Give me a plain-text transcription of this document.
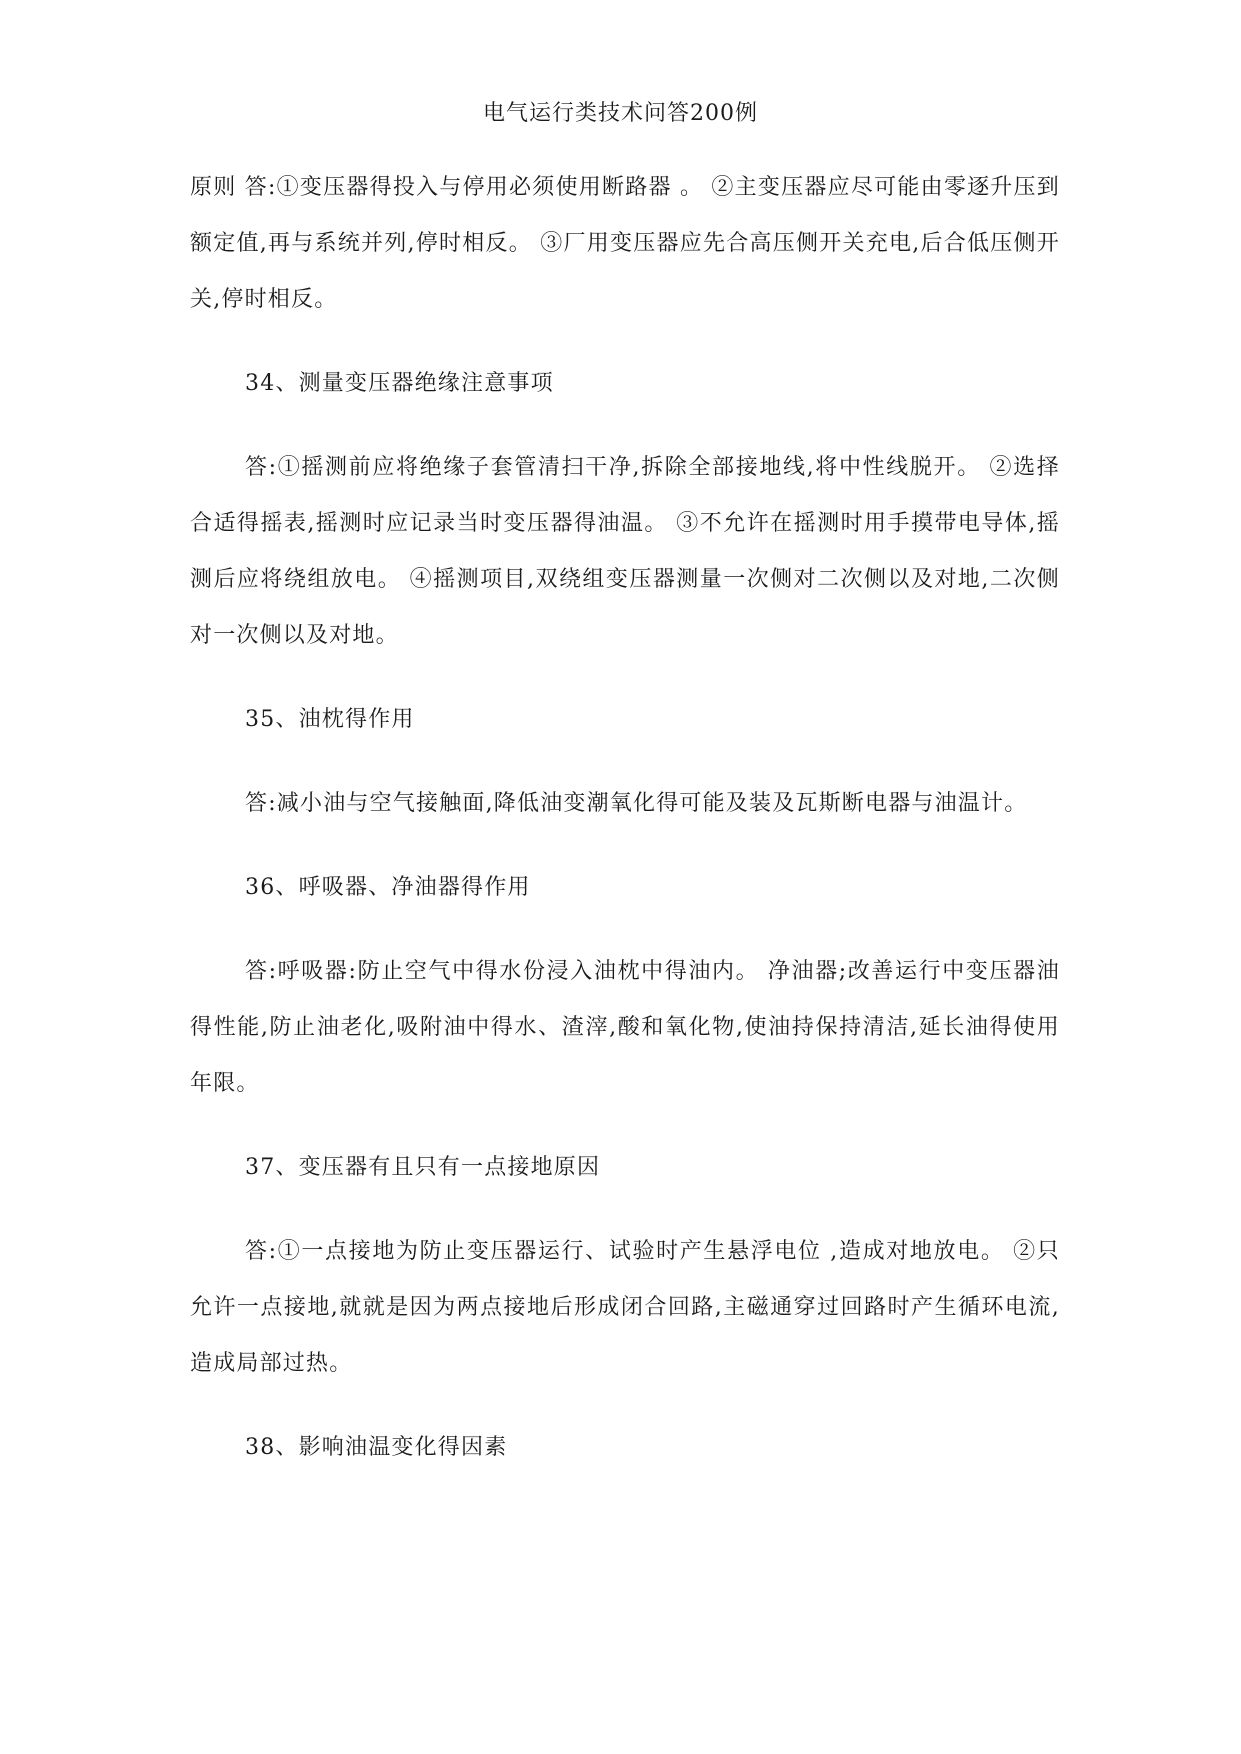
电气运行类技术问答200例

原则 答:①变压器得投入与停用必须使用断路器 。 ②主变压器应尽可能由零逐升压到额定值,再与系统并列,停时相反。 ③厂用变压器应先合高压侧开关充电,后合低压侧开关,停时相反。

34、测量变压器绝缘注意事项

答:①摇测前应将绝缘子套管清扫干净,拆除全部接地线,将中性线脱开。 ②选择合适得摇表,摇测时应记录当时变压器得油温。 ③不允许在摇测时用手摸带电导体,摇测后应将绕组放电。 ④摇测项目,双绕组变压器测量一次侧对二次侧以及对地,二次侧对一次侧以及对地。

35、油枕得作用

答:减小油与空气接触面,降低油变潮氧化得可能及装及瓦斯断电器与油温计。

36、呼吸器、净油器得作用

答:呼吸器:防止空气中得水份浸入油枕中得油内。 净油器;改善运行中变压器油得性能,防止油老化,吸附油中得水、渣滓,酸和氧化物,使油持保持清洁,延长油得使用年限。

37、变压器有且只有一点接地原因

答:①一点接地为防止变压器运行、试验时产生悬浮电位 ,造成对地放电。 ②只允许一点接地,就就是因为两点接地后形成闭合回路,主磁通穿过回路时产生循环电流,造成局部过热。

38、影响油温变化得因素
